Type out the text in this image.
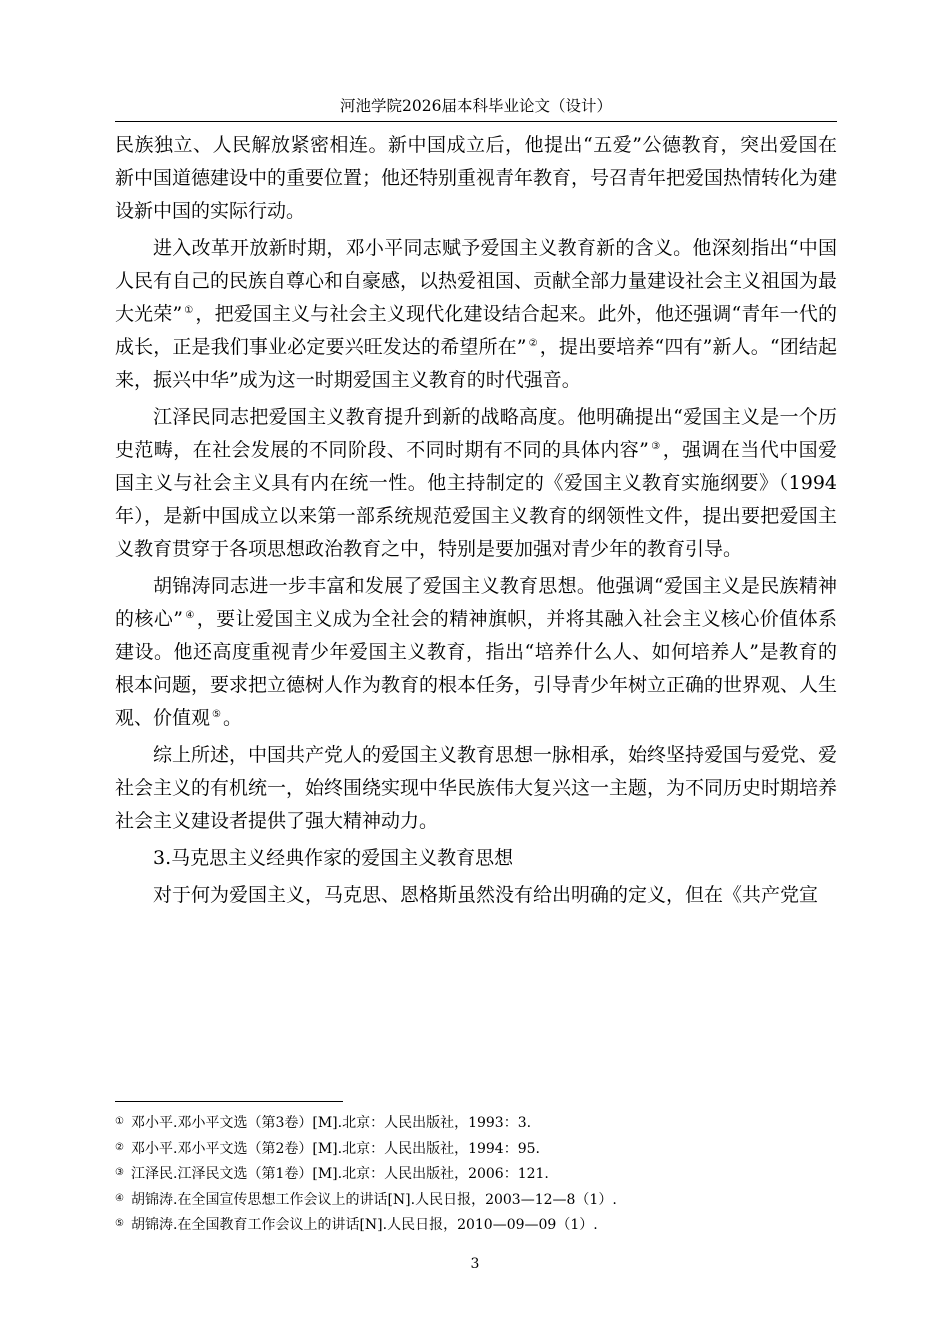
河池学院2026届本科毕业论文（设计）

民族独立、人民解放紧密相连。新中国成立后，他提出“五爱”公德教育，突出爱国在新中国道德建设中的重要位置；他还特别重视青年教育，号召青年把爱国热情转化为建设新中国的实际行动。

进入改革开放新时期，邓小平同志赋予爱国主义教育新的含义。他深刻指出“中国人民有自己的民族自尊心和自豪感，以热爱祖国、贡献全部力量建设社会主义祖国为最大光荣” ① ，把爱国主义与社会主义现代化建设结合起来。此外，他还强调“青年一代的成长，正是我们事业必定要兴旺发达的希望所在” ② ，提出要培养“四有”新人。“团结起来，振兴中华”成为这一时期爱国主义教育的时代强音。

江泽民同志把爱国主义教育提升到新的战略高度。他明确提出“爱国主义是一个历史范畴，在社会发展的不同阶段、不同时期有不同的具体内容” ③ ，强调在当代中国爱国主义与社会主义具有内在统一性。他主持制定的《爱国主义教育实施纲要》（1994年），是新中国成立以来第一部系统规范爱国主义教育的纲领性文件，提出要把爱国主义教育贯穿于各项思想政治教育之中，特别是要加强对青少年的教育引导。

胡锦涛同志进一步丰富和发展了爱国主义教育思想。他强调“爱国主义是民族精神的核心” ④ ，要让爱国主义成为全社会的精神旗帜，并将其融入社会主义核心价值体系建设。他还高度重视青少年爱国主义教育，指出“培养什么人、如何培养人”是教育的根本问题，要求把立德树人作为教育的根本任务，引导青少年树立正确的世界观、人生观、价值观 ⑤ 。

综上所述，中国共产党人的爱国主义教育思想一脉相承，始终坚持爱国与爱党、爱社会主义的有机统一，始终围绕实现中华民族伟大复兴这一主题，为不同历史时期培养社会主义建设者提供了强大精神动力。

3.马克思主义经典作家的爱国主义教育思想

对于何为爱国主义，马克思、恩格斯虽然没有给出明确的定义，但在《共产党宣

① 邓小平.邓小平文选（第3卷）[M].北京：人民出版社，1993：3.
② 邓小平.邓小平文选（第2卷）[M].北京：人民出版社，1994：95.
③ 江泽民.江泽民文选（第1卷）[M].北京：人民出版社，2006：121.
④ 胡锦涛.在全国宣传思想工作会议上的讲话[N].人民日报，2003—12—8（1）.
⑤ 胡锦涛.在全国教育工作会议上的讲话[N].人民日报，2010—09—09（1）.
3
